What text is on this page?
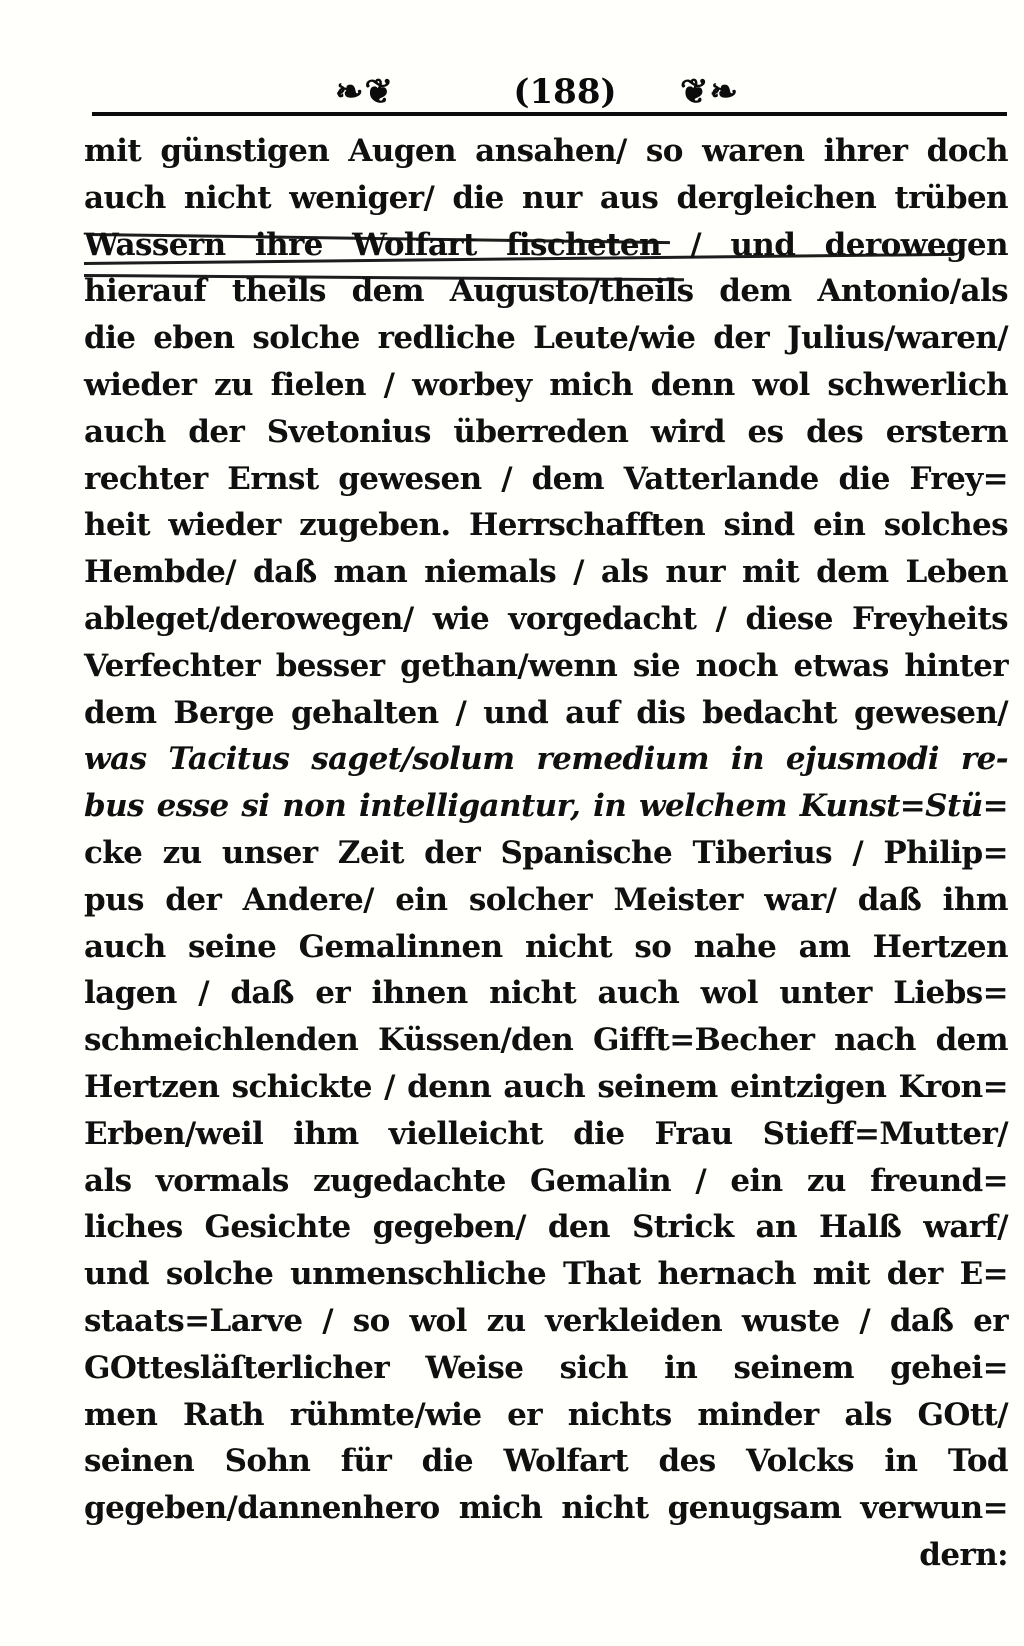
❧❦	(188)	❦❧
mit günstigen Augen ansahen/ so waren ihrer doch
auch nicht weniger/ die nur aus dergleichen trüben
Wassern ihre Wolfart fischeten / und derowegen
hierauf theils dem Augusto/theils dem Antonio/als
die eben solche redliche Leute/wie der Julius/waren/
wieder zu fielen / worbey mich denn wol schwerlich
auch der Svetonius überreden wird es des erstern
rechter Ernst gewesen / dem Vatterlande die Frey=
heit wieder zugeben. Herrschafften sind ein solches
Hembde/ daß man niemals / als nur mit dem Leben
ableget/derowegen/ wie vorgedacht / diese Freyheits
Verfechter besser gethan/wenn sie noch etwas hinter
dem Berge gehalten / und auf dis bedacht gewesen/
was Tacitus saget/solum remedium in ejusmodi re-
bus esse si non intelligantur, in welchem Kunst=Stü=
cke zu unser Zeit der Spanische Tiberius / Philip=
pus der Andere/ ein solcher Meister war/ daß ihm
auch seine Gemalinnen nicht so nahe am Hertzen
lagen / daß er ihnen nicht auch wol unter Liebs=
schmeichlenden Küssen/den Gifft=Becher nach dem
Hertzen schickte / denn auch seinem eintzigen Kron=
Erben/weil ihm vielleicht die Frau Stieff=Mutter/
als vormals zugedachte Gemalin / ein zu freund=
liches Gesichte gegeben/ den Strick an Halß warf/
und solche unmenschliche That hernach mit der E=
staats=Larve / so wol zu verkleiden wuste / daß er
GOttesläſterlicher Weise sich in seinem gehei=
men Rath rühmte/wie er nichts minder als GOtt/
seinen Sohn für die Wolfart des Volcks in Tod
gegeben/dannenhero mich nicht genugsam verwun=
dern:
